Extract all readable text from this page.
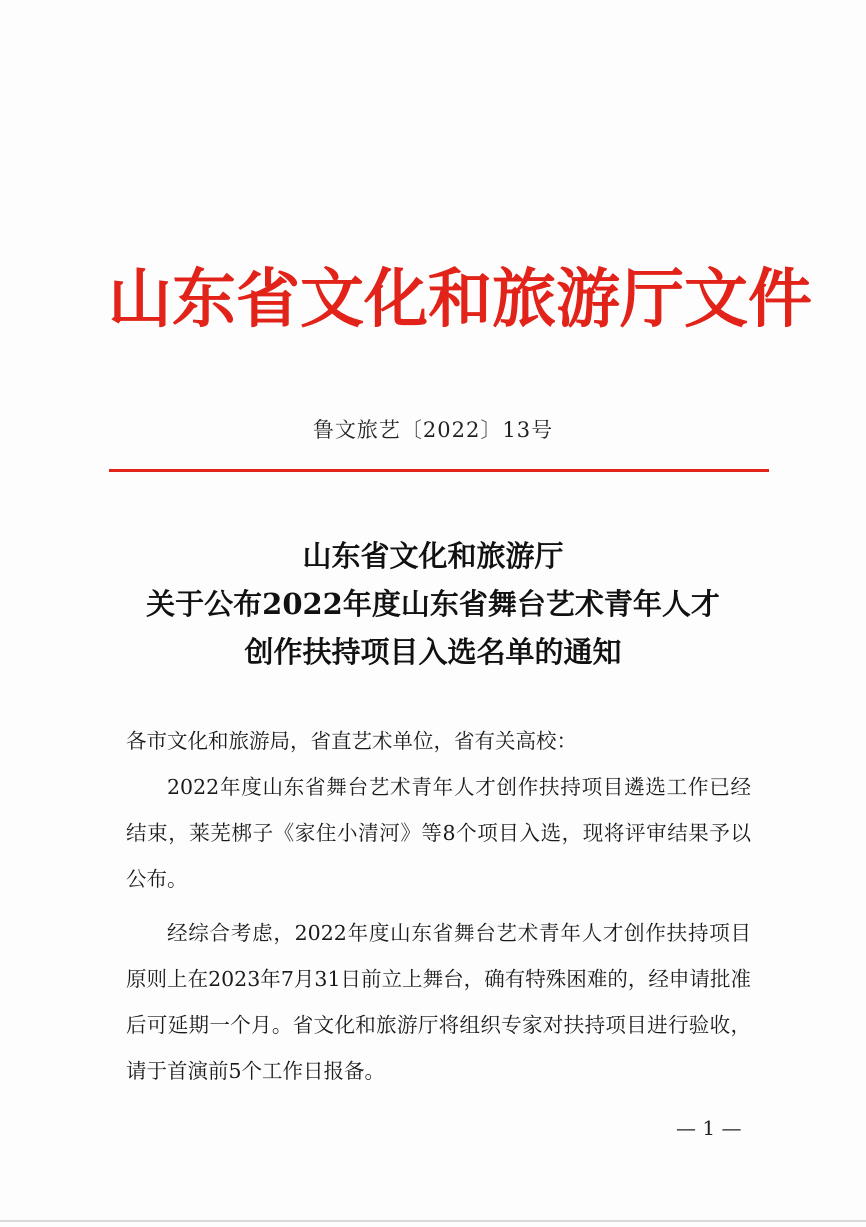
山东省文化和旅游厅文件
鲁文旅艺〔2022〕13号
山东省文化和旅游厅
关于公布2022年度山东省舞台艺术青年人才
创作扶持项目入选名单的通知

各市文化和旅游局，省直艺术单位，省有关高校：

2022年度山东省舞台艺术青年人才创作扶持项目遴选工作已经结束，莱芜梆子《家住小清河》等8个项目入选，现将评审结果予以公布。

经综合考虑，2022年度山东省舞台艺术青年人才创作扶持项目原则上在2023年7月31日前立上舞台，确有特殊困难的，经申请批准后可延期一个月。省文化和旅游厅将组织专家对扶持项目进行验收，请于首演前5个工作日报备。

— 1 —
